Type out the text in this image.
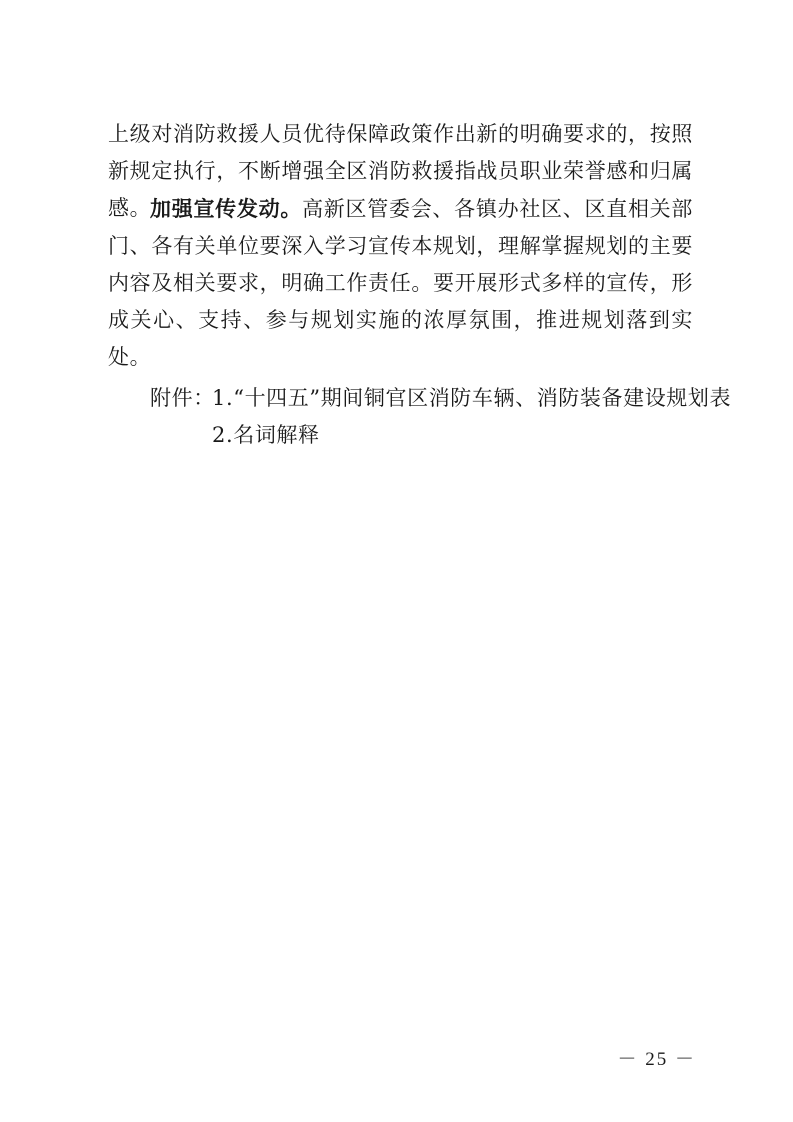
上级对消防救援人员优待保障政策作出新的明确要求的，按照新规定执行，不断增强全区消防救援指战员职业荣誉感和归属感。

加强宣传发动。高新区管委会、各镇办社区、区直相关部门、各有关单位要深入学习宣传本规划，理解掌握规划的主要内容及相关要求，明确工作责任。要开展形式多样的宣传，形成关心、支持、参与规划实施的浓厚氛围，推进规划落到实处。

附件：
1.“十四五”期间铜官区消防车辆、消防装备建设规划表
2.名词解释
－ 25 －
